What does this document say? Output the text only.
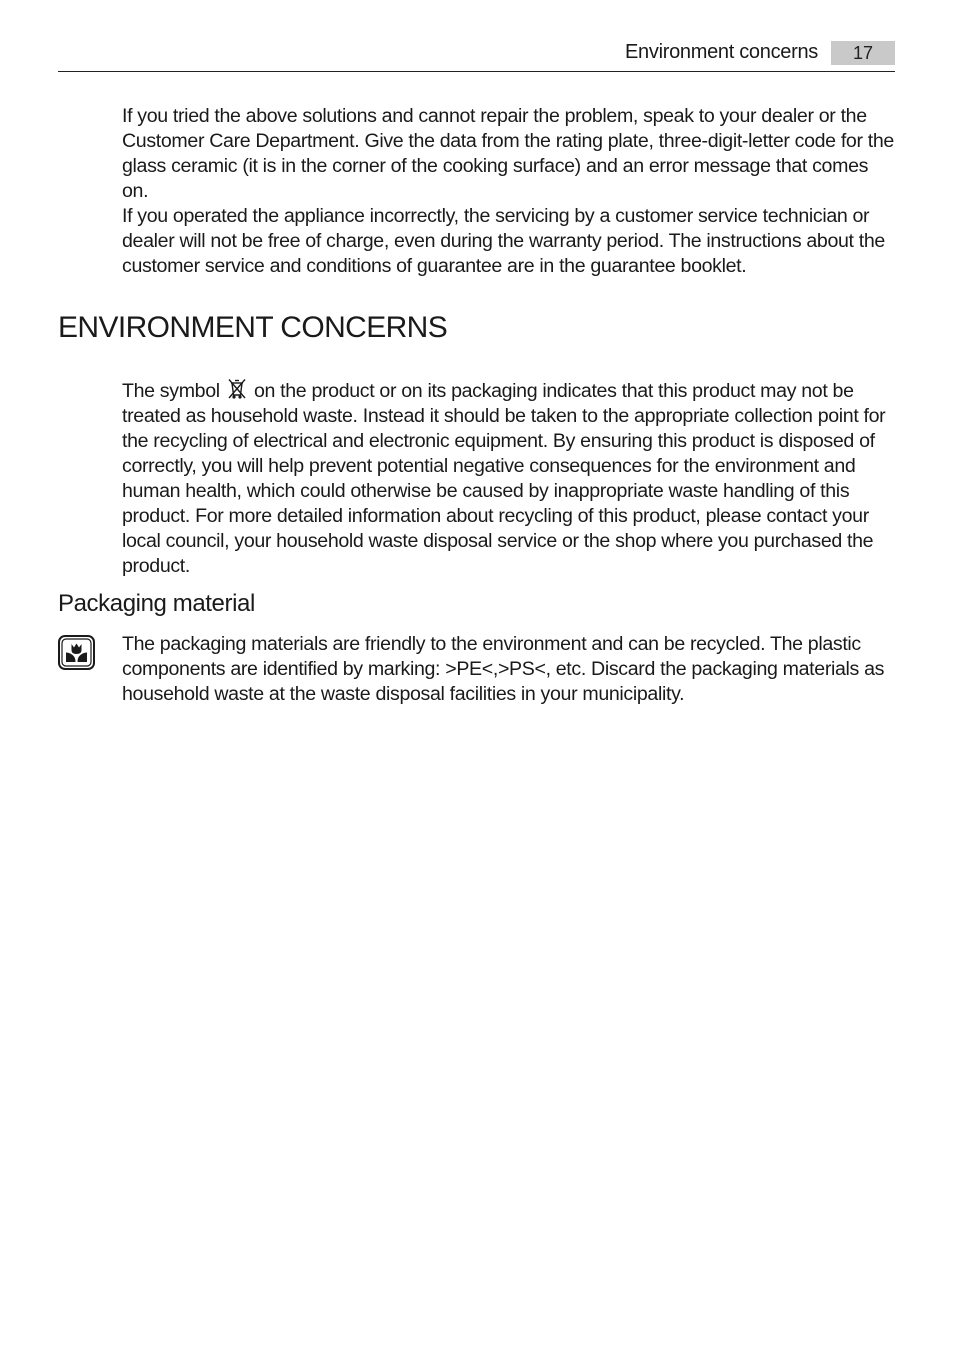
Environment concerns	17

If you tried the above solutions and cannot repair the problem, speak to your dealer or the Customer Care Department. Give the data from the rating plate, three-digit-letter code for the glass ceramic (it is in the corner of the cooking surface) and an error message that comes on.

If you operated the appliance incorrectly, the servicing by a customer service technician or dealer will not be free of charge, even during the warranty period. The instructions about the customer service and conditions of guarantee are in the guarantee booklet.

ENVIRONMENT CONCERNS

The symbol  on the product or on its packaging indicates that this product may not be treated as household waste. Instead it should be taken to the appropriate collection point for the recycling of electrical and electronic equipment. By ensuring this product is disposed of correctly, you will help prevent potential negative consequences for the environment and human health, which could otherwise be caused by inappropriate waste handling of this product. For more detailed information about recycling of this product, please contact your local council, your household waste disposal service or the shop where you purchased the product.

Packaging material

The packaging materials are friendly to the environment and can be recycled. The plastic components are identified by marking: >PE<,>PS<, etc. Discard the packaging materials as household waste at the waste disposal facilities in your municipality.
